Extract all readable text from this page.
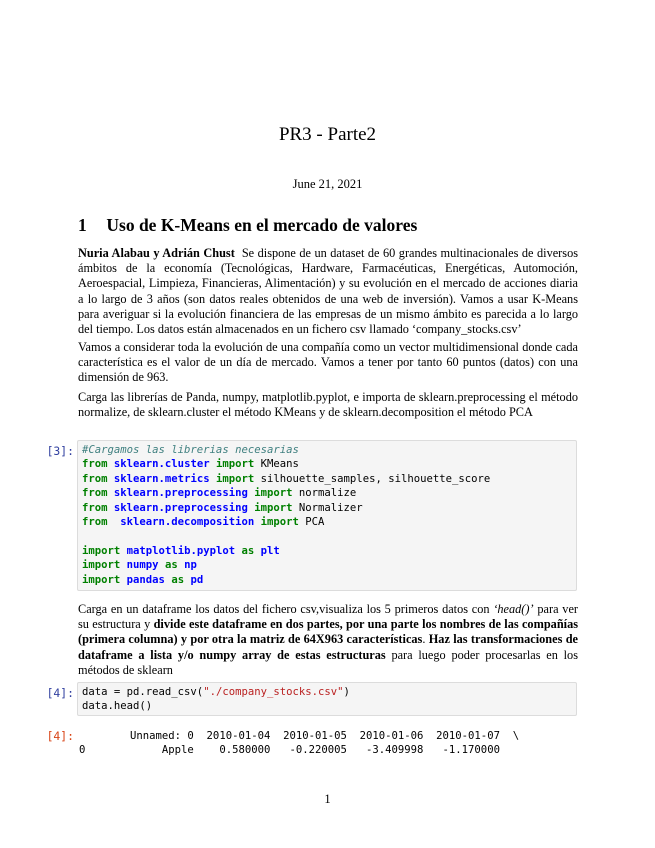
PR3 - Parte2
June 21, 2021
1 Uso de K-Means en el mercado de valores
Nuria Alabau y Adrián Chust Se dispone de un dataset de 60 grandes multinacionales de diversos ámbitos de la economía (Tecnológicas, Hardware, Farmacéuticas, Energéticas, Automoción, Aeroespacial, Limpieza, Financieras, Alimentación) y su evolución en el mercado de acciones diaria a lo largo de 3 años (son datos reales obtenidos de una web de inversión). Vamos a usar K-Means para averiguar si la evolución financiera de las empresas de un mismo ámbito es parecida a lo largo del tiempo. Los datos están almacenados en un fichero csv llamado ‘company_stocks.csv’
Vamos a considerar toda la evolución de una compañía como un vector multidimensional donde cada característica es el valor de un día de mercado. Vamos a tener por tanto 60 puntos (datos) con una dimensión de 963.
Carga las librerías de Panda, numpy, matplotlib.pyplot, e importa de sklearn.preprocessing el método normalize, de sklearn.cluster el método KMeans y de sklearn.decomposition el método PCA
[3]: #Cargamos las librerias necesarias
from sklearn.cluster import KMeans
from sklearn.metrics import silhouette_samples, silhouette_score
from sklearn.preprocessing import normalize
from sklearn.preprocessing import Normalizer
from  sklearn.decomposition import PCA

import matplotlib.pyplot as plt
import numpy as np
import pandas as pd
Carga en un dataframe los datos del fichero csv,visualiza los 5 primeros datos con ‘head()’ para ver su estructura y divide este dataframe en dos partes, por una parte los nombres de las compañías (primera columna) y por otra la matriz de 64X963 características. Haz las transformaciones de dataframe a lista y/o numpy array de estas estructuras para luego poder procesarlas en los métodos de sklearn
[4]: data = pd.read_csv("./company_stocks.csv")
data.head()
[4]: Unnamed: 0  2010-01-04  2010-01-05  2010-01-06  2010-01-07  \
0            Apple    0.580000   -0.220005   -3.409998   -1.170000
1
